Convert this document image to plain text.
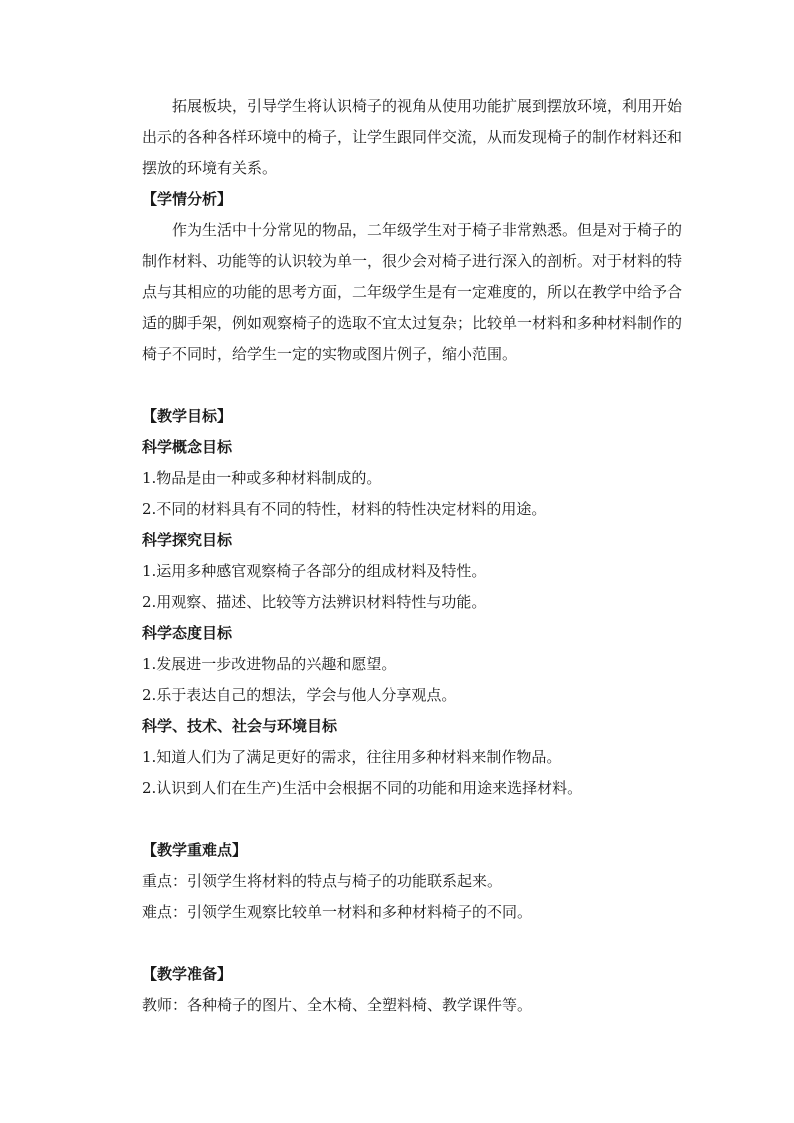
拓展板块，引导学生将认识椅子的视角从使用功能扩展到摆放环境，利用开始出示的各种各样环境中的椅子，让学生跟同伴交流，从而发现椅子的制作材料还和摆放的环境有关系。

【学情分析】

作为生活中十分常见的物品，二年级学生对于椅子非常熟悉。但是对于椅子的制作材料、功能等的认识较为单一，很少会对椅子进行深入的剖析。对于材料的特点与其相应的功能的思考方面，二年级学生是有一定难度的，所以在教学中给予合适的脚手架，例如观察椅子的选取不宜太过复杂；比较单一材料和多种材料制作的椅子不同时，给学生一定的实物或图片例子，缩小范围。

【教学目标】

科学概念目标

1.物品是由一种或多种材料制成的。

2.不同的材料具有不同的特性，材料的特性决定材料的用途。

科学探究目标

1.运用多种感官观察椅子各部分的组成材料及特性。

2.用观察、描述、比较等方法辨识材料特性与功能。

科学态度目标

1.发展进一步改进物品的兴趣和愿望。

2.乐于表达自己的想法，学会与他人分享观点。

科学、技术、社会与环境目标

1.知道人们为了满足更好的需求，往往用多种材料来制作物品。

2.认识到人们在生产)生活中会根据不同的功能和用途来选择材料。

【教学重难点】

重点：引领学生将材料的特点与椅子的功能联系起来。

难点：引领学生观察比较单一材料和多种材料椅子的不同。

【教学准备】

教师：各种椅子的图片、全木椅、全塑料椅、教学课件等。
